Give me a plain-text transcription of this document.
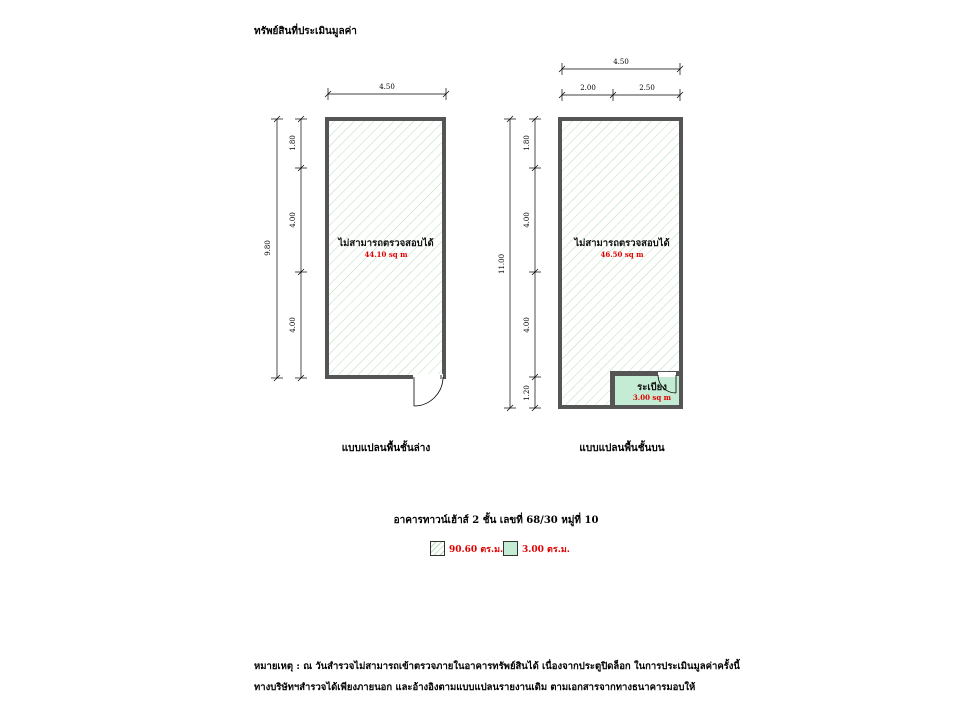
ทรัพย์สินที่ประเมินมูลค่า
4.50
9.80
1.80
4.00
4.00
ไม่สามารถตรวจสอบได้
44.10 sq m
4.50
2.00	2.50
11.00
1.80
4.00
4.00
1.20
ไม่สามารถตรวจสอบได้
46.50 sq m
ระเบียง
3.00 sq m
แบบแปลนพื้นชั้นล่าง	แบบแปลนพื้นชั้นบน
อาคารทาวน์เฮ้าส์ 2 ชั้น เลขที่ 68/30 หมู่ที่ 10
90.60 ตร.ม. 3.00 ตร.ม.
หมายเหตุ : ณ วันสำรวจไม่สามารถเข้าตรวจภายในอาคารทรัพย์สินได้ เนื่องจากประตูปิดล็อก ในการประเมินมูลค่าครั้งนี้
ทางบริษัทฯสำรวจได้เพียงภายนอก และอ้างอิงตามแบบแปลนรายงานเดิม ตามเอกสารจากทางธนาคารมอบให้
